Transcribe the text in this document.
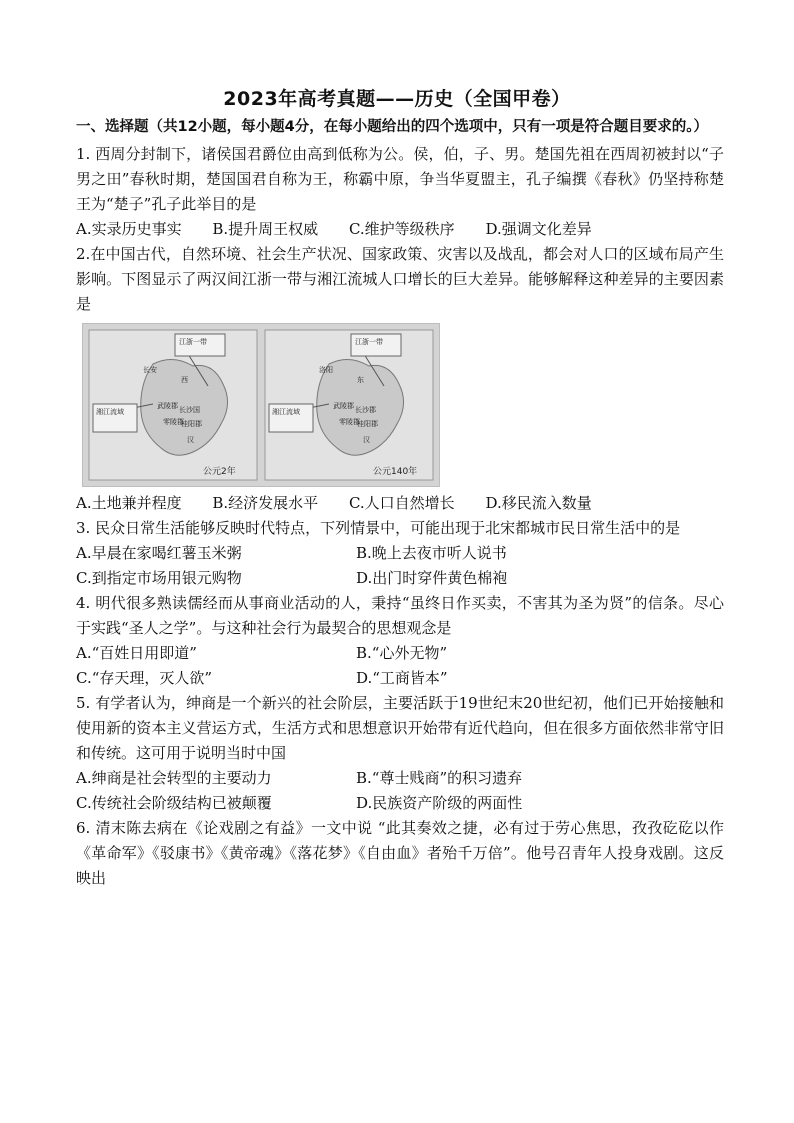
2023年高考真题——历史（全国甲卷）
一、选择题（共12小题，每小题4分，在每小题给出的四个选项中，只有一项是符合题目要求的。）
1. 西周分封制下，诸侯国君爵位由高到低称为公。侯，伯，子、男。楚国先祖在西周初被封以“子男之田”春秋时期，楚国国君自称为王，称霸中原，争当华夏盟主，孔子编撰《春秋》仍坚持称楚王为“楚子”孔子此举目的是
A.实录历史事实 B.提升周王权威 C.维护等级秩序 D.强调文化差异
2.在中国古代，自然环境、社会生产状况、国家政策、灾害以及战乱，都会对人口的区域布局产生影响。下图显示了两汉间江浙一带与湘江流城人口增长的巨大差异。能够解释这种差异的主要因素是
湘江流域
江浙一带
长安
西
汉
武陵郡 长沙国
零陵郡
桂阳郡
公元2年
湘江流域
江浙一带
洛阳
东
汉
武陵郡 长沙郡
零陵郡
桂阳郡
公元140年
A.土地兼并程度 B.经济发展水平 C.人口自然增长 D.移民流入数量
3. 民众日常生活能够反映时代特点，下列情景中，可能出现于北宋都城市民日常生活中的是
A.早晨在家喝红薯玉米粥	B.晚上去夜市听人说书
C.到指定市场用银元购物	D.出门时穿件黄色棉袍
4. 明代很多熟读儒经而从事商业活动的人，秉持“虽终日作买卖，不害其为圣为贤”的信条。尽心于实践“圣人之学”。与这种社会行为最契合的思想观念是
A.“百姓日用即道”	B.“心外无物”
C.“存天理，灭人欲”	D.“工商皆本”
5. 有学者认为，绅商是一个新兴的社会阶层，主要活跃于19世纪末20世纪初，他们已开始接触和使用新的资本主义营运方式，生活方式和思想意识开始带有近代趋向，但在很多方面依然非常守旧和传统。这可用于说明当时中国
A.绅商是社会转型的主要动力	B.“尊士贱商”的积习遗弃
C.传统社会阶级结构已被颠覆	D.民族资产阶级的两面性
6. 清末陈去病在《论戏剧之有益》一文中说 “此其奏效之捷，必有过于劳心焦思，孜孜矻矻以作《革命军》《驳康书》《黄帝魂》《落花梦》《自由血》者殆千万倍”。他号召青年人投身戏剧。这反映出
